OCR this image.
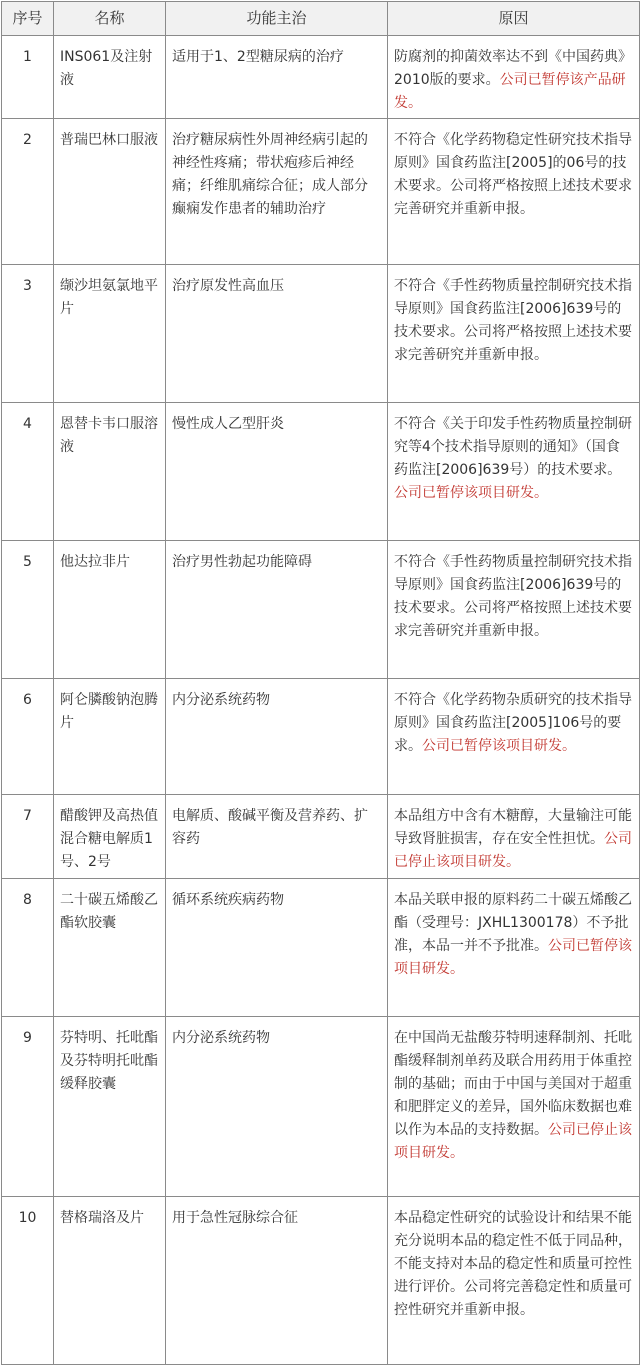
序号	名称	功能主治	原因
1	INS061及注射液	适用于1、2型糖尿病的治疗	防腐剂的抑菌效率达不到《中国药典》2010版的要求。公司已暂停该产品研发。
2	普瑞巴林口服液	治疗糖尿病性外周神经病引起的神经性疼痛；带状疱疹后神经痛；纤维肌痛综合征；成人部分癫痫发作患者的辅助治疗	不符合《化学药物稳定性研究技术指导原则》国食药监注[2005]的06号的技术要求。公司将严格按照上述技术要求完善研究并重新申报。
3	缬沙坦氨氯地平片	治疗原发性高血压	不符合《手性药物质量控制研究技术指导原则》国食药监注[2006]639号的技术要求。公司将严格按照上述技术要求完善研究并重新申报。
4	恩替卡韦口服溶液	慢性成人乙型肝炎	不符合《关于印发手性药物质量控制研究等4个技术指导原则的通知》（国食药监注[2006]639号）的技术要求。公司已暂停该项目研发。
5	他达拉非片	治疗男性勃起功能障碍	不符合《手性药物质量控制研究技术指导原则》国食药监注[2006]639号的技术要求。公司将严格按照上述技术要求完善研究并重新申报。
6	阿仑膦酸钠泡腾片	内分泌系统药物	不符合《化学药物杂质研究的技术指导原则》国食药监注[2005]106号的要求。公司已暂停该项目研发。
7	醋酸钾及高热值混合糖电解质1号、2号	电解质、酸碱平衡及营养药、扩容药	本品组方中含有木糖醇，大量输注可能导致肾脏损害，存在安全性担忧。公司已停止该项目研发。
8	二十碳五烯酸乙酯软胶囊	循环系统疾病药物	本品关联申报的原料药二十碳五烯酸乙酯（受理号：JXHL1300178）不予批准，本品一并不予批准。公司已暂停该项目研发。
9	芬特明、托吡酯及芬特明托吡酯缓释胶囊	内分泌系统药物	在中国尚无盐酸芬特明速释制剂、托吡酯缓释制剂单药及联合用药用于体重控制的基础；而由于中国与美国对于超重和肥胖定义的差异，国外临床数据也难以作为本品的支持数据。公司已停止该项目研发。
10	替格瑞洛及片	用于急性冠脉综合征	本品稳定性研究的试验设计和结果不能充分说明本品的稳定性不低于同品种，不能支持对本品的稳定性和质量可控性进行评价。公司将完善稳定性和质量可控性研究并重新申报。
